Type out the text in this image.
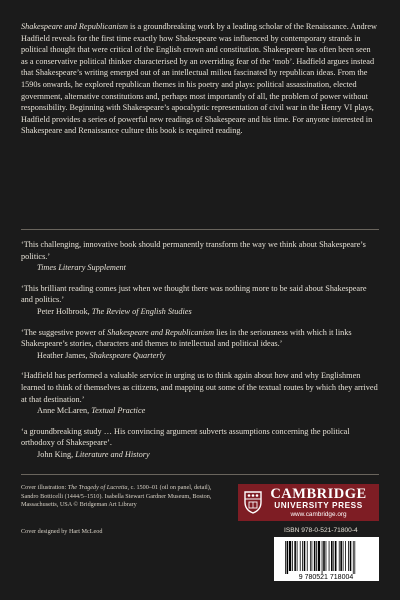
Shakespeare and Republicanism is a groundbreaking work by a leading scholar of the Renaissance. Andrew Hadfield reveals for the first time exactly how Shakespeare was influenced by contemporary strands in political thought that were critical of the English crown and constitution. Shakespeare has often been seen as a conservative political thinker characterised by an overriding fear of the ‘mob’. Hadfield argues instead that Shakespeare’s writing emerged out of an intellectual milieu fascinated by republican ideas. From the 1590s onwards, he explored republican themes in his poetry and plays: political assassination, elected government, alternative constitutions and, perhaps most importantly of all, the problem of power without responsibility. Beginning with Shakespeare’s apocalyptic representation of civil war in the Henry VI plays, Hadfield provides a series of powerful new readings of Shakespeare and his time. For anyone interested in Shakespeare and Renaissance culture this book is required reading.

‘This challenging, innovative book should permanently transform the way we think about Shakespeare’s politics.’

Times Literary Supplement

‘This brilliant reading comes just when we thought there was nothing more to be said about Shakespeare and politics.’

Peter Holbrook, The Review of English Studies

‘The suggestive power of Shakespeare and Republicanism lies in the seriousness with which it links Shakespeare’s stories, characters and themes to intellectual and political ideas.’

Heather James, Shakespeare Quarterly

‘Hadfield has performed a valuable service in urging us to think again about how and why Englishmen learned to think of themselves as citizens, and mapping out some of the textual routes by which they arrived at that destination.’

Anne McLaren, Textual Practice

‘a groundbreaking study … His convincing argument subverts assumptions concerning the political orthodoxy of Shakespeare’.

John King, Literature and History

Cover illustration: The Tragedy of Lucretia, c. 1500–01 (oil on panel, detail), Sandro Botticelli (1444/5–1510). Isabella Stewart Gardner Museum, Boston, Massachusetts, USA © Bridgeman Art Library

Cover designed by Hart McLeod

CAMBRIDGE
UNIVERSITY PRESS
www.cambridge.org
ISBN 978-0-521-71800-4
9 780521 718004
